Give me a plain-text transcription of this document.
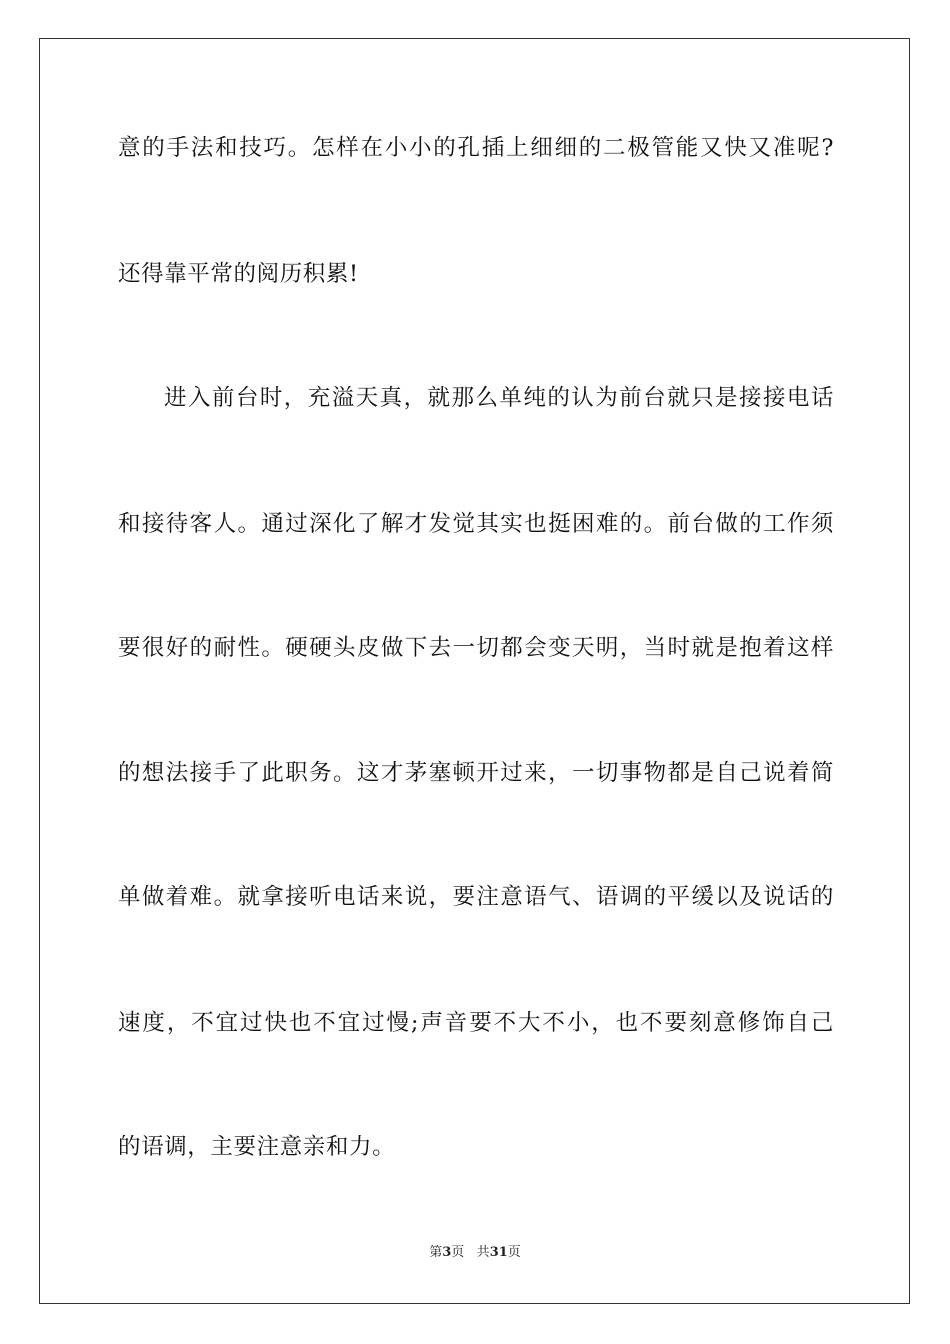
意的手法和技巧。怎样在小小的孔插上细细的二极管能又快又准呢?
还得靠平常的阅历积累!
进入前台时，充溢天真，就那么单纯的认为前台就只是接接电话
和接待客人。通过深化了解才发觉其实也挺困难的。前台做的工作须
要很好的耐性。硬硬头皮做下去一切都会变天明，当时就是抱着这样
的想法接手了此职务。这才茅塞顿开过来，一切事物都是自己说着简
单做着难。就拿接听电话来说，要注意语气、语调的平缓以及说话的
速度，不宜过快也不宜过慢;声音要不大不小，也不要刻意修饰自己
的语调，主要注意亲和力。
第3页 共31页
